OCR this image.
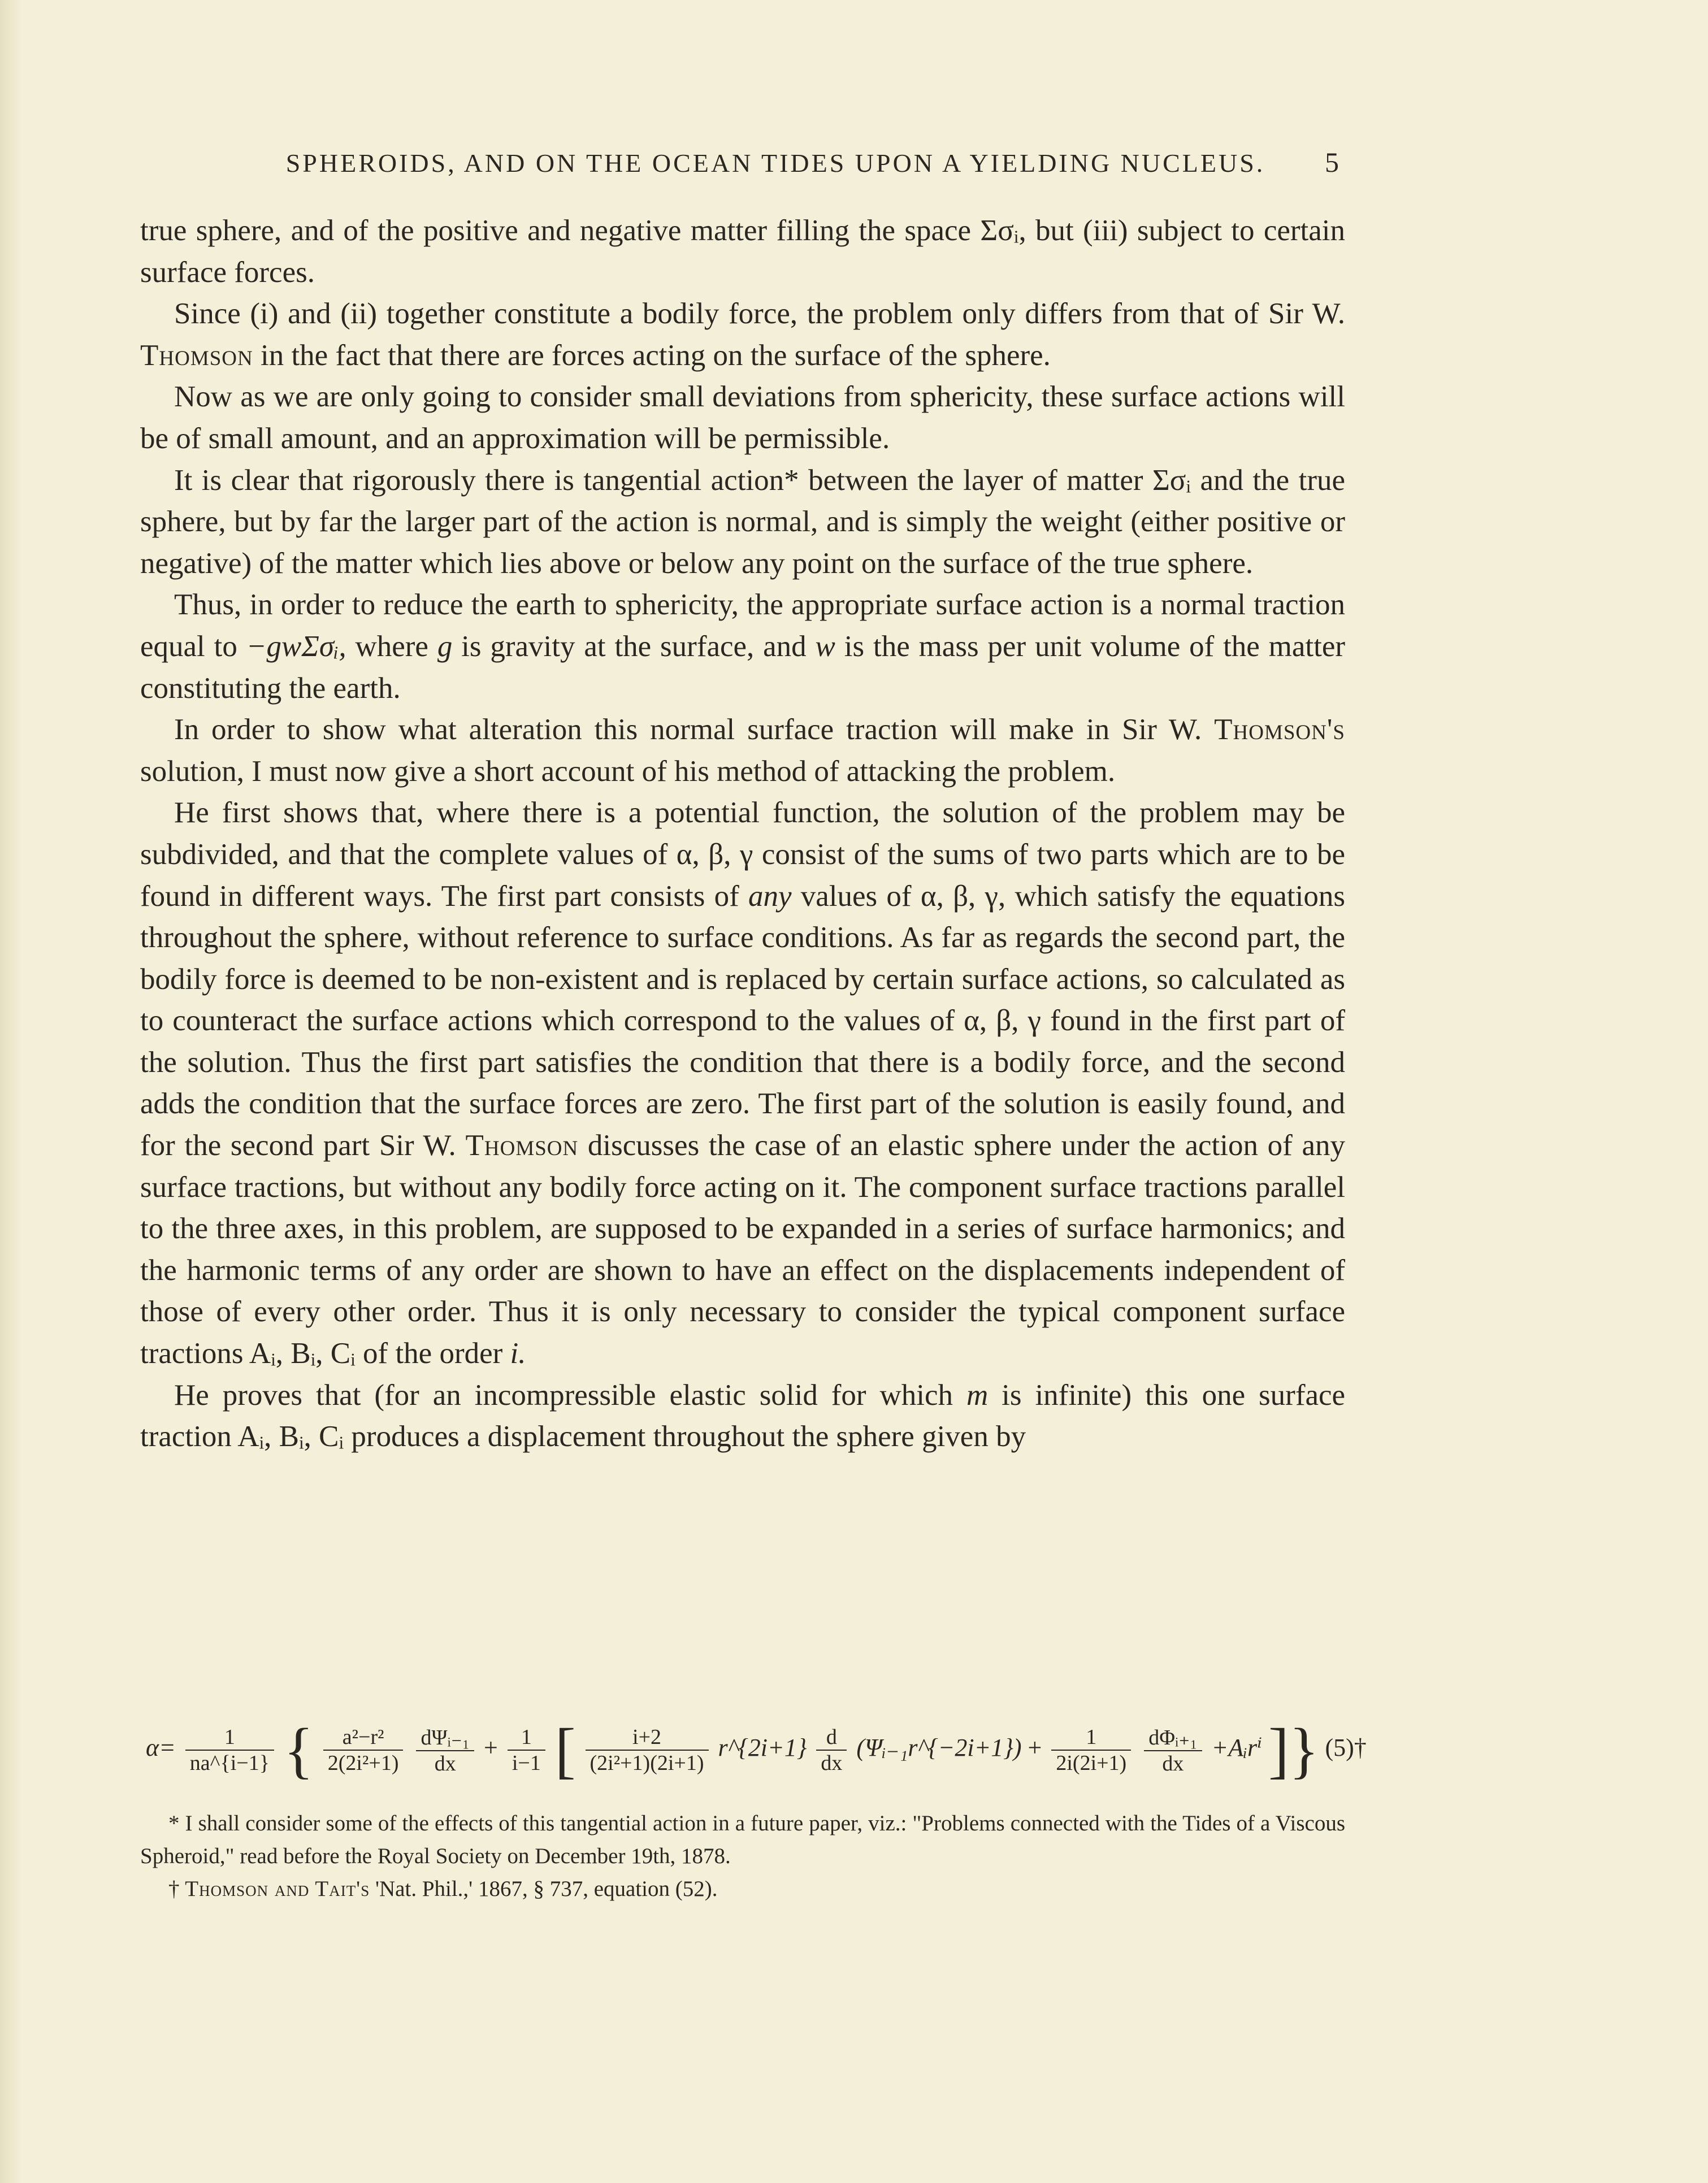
SPHEROIDS, AND ON THE OCEAN TIDES UPON A YIELDING NUCLEUS.	5

true sphere, and of the positive and negative matter filling the space Σσᵢ, but (iii) subject to certain surface forces.

Since (i) and (ii) together constitute a bodily force, the problem only differs from that of Sir W. Thomson in the fact that there are forces acting on the surface of the sphere.

Now as we are only going to consider small deviations from sphericity, these surface actions will be of small amount, and an approximation will be permissible.

It is clear that rigorously there is tangential action* between the layer of matter Σσᵢ and the true sphere, but by far the larger part of the action is normal, and is simply the weight (either positive or negative) of the matter which lies above or below any point on the surface of the true sphere.

Thus, in order to reduce the earth to sphericity, the appropriate surface action is a normal traction equal to −gwΣσᵢ, where g is gravity at the surface, and w is the mass per unit volume of the matter constituting the earth.

In order to show what alteration this normal surface traction will make in Sir W. Thomson's solution, I must now give a short account of his method of attacking the problem.

He first shows that, where there is a potential function, the solution of the problem may be subdivided, and that the complete values of α, β, γ consist of the sums of two parts which are to be found in different ways. The first part consists of any values of α, β, γ, which satisfy the equations throughout the sphere, without reference to surface conditions. As far as regards the second part, the bodily force is deemed to be non-existent and is replaced by certain surface actions, so calculated as to counteract the surface actions which correspond to the values of α, β, γ found in the first part of the solution. Thus the first part satisfies the condition that there is a bodily force, and the second adds the condition that the surface forces are zero. The first part of the solution is easily found, and for the second part Sir W. Thomson discusses the case of an elastic sphere under the action of any surface tractions, but without any bodily force acting on it. The component surface tractions parallel to the three axes, in this problem, are supposed to be expanded in a series of surface harmonics; and the harmonic terms of any order are shown to have an effect on the displacements independent of those of every other order. Thus it is only necessary to consider the typical component surface tractions Aᵢ, Bᵢ, Cᵢ of the order i.

He proves that (for an incompressible elastic solid for which m is infinite) this one surface traction Aᵢ, Bᵢ, Cᵢ produces a displacement throughout the sphere given by

$\alpha= \frac{1}{na\^{}\{i-1\}}$ { $\frac{\text{a²−r²}}{\text{2(2i²+1)}}$
$\frac{\text{dΨᵢ₋₁}}{dx} + \frac{1}{i-1}$ [ $\frac{i+2}{\text{(2i²+1)(2i+1)}}$ r^{2i+1} $\frac{d}{dx}$ (Ψᵢ₋₁r^{−2i+1}) + $\frac{1}{2i(2i+1)}$
$\frac{\text{dΦᵢ₊₁}}{dx}$ +Aᵢrⁱ ]} (5)†

* I shall consider some of the effects of this tangential action in a future paper, viz.: "Problems connected with the Tides of a Viscous Spheroid," read before the Royal Society on December 19th, 1878.

† Thomson and Tait's 'Nat. Phil.,' 1867, § 737, equation (52).
